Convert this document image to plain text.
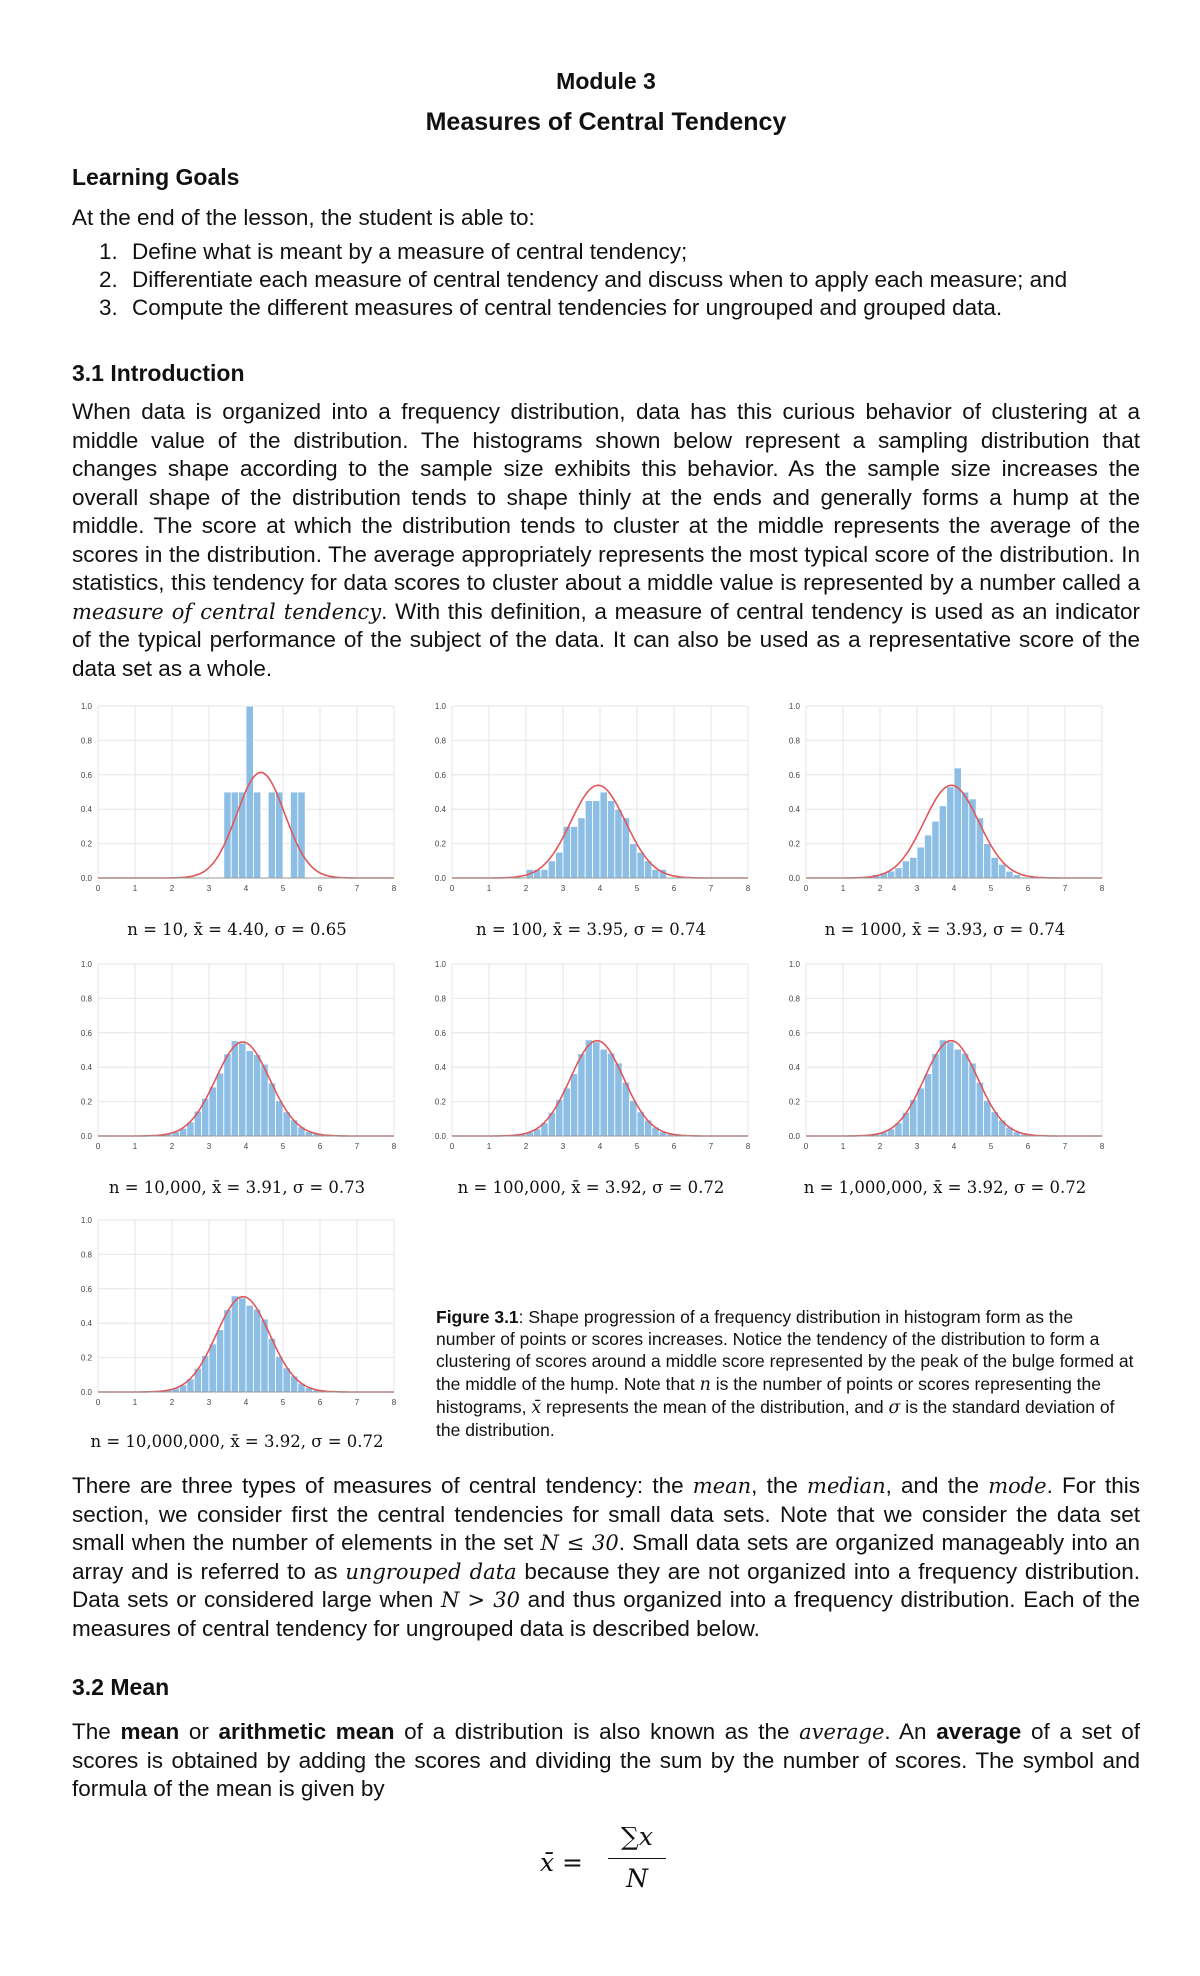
Module 3
Measures of Central Tendency
Learning Goals
At the end of the lesson, the student is able to:
1. Define what is meant by a measure of central tendency;
2. Differentiate each measure of central tendency and discuss when to apply each measure; and
3. Compute the different measures of central tendencies for ungrouped and grouped data.
3.1 Introduction
When data is organized into a frequency distribution, data has this curious behavior of clustering at a middle value of the distribution. The histograms shown below represent a sampling distribution that changes shape according to the sample size exhibits this behavior. As the sample size increases the overall shape of the distribution tends to shape thinly at the ends and generally forms a hump at the middle. The score at which the distribution tends to cluster at the middle represents the average of the scores in the distribution. The average appropriately represents the most typical score of the distribution. In statistics, this tendency for data scores to cluster about a middle value is represented by a number called a measure of central tendency. With this definition, a measure of central tendency is used as an indicator of the typical performance of the subject of the data. It can also be used as a representative score of the data set as a whole.
0.0
0.2
0.4
0.6
0.8
1.0
0	1	2	3	4	5	6	7	8
0.0
0.2
0.4
0.6
0.8
1.0
0	1	2	3	4	5	6	7	8
0.0
0.2
0.4
0.6
0.8
1.0
0	1	2	3	4	5	6	7	8
0.0
0.2
0.4
0.6
0.8
1.0
0	1	2	3	4	5	6	7	8
0.0
0.2
0.4
0.6
0.8
1.0
0	1	2	3	4	5	6	7	8
0.0
0.2
0.4
0.6
0.8
1.0
0	1	2	3	4	5	6	7	8
0.0
0.2
0.4
0.6
0.8
1.0
0	1	2	3	4	5	6	7	8
n = 10, x̄ = 4.40, σ = 0.65	n = 100, x̄ = 3.95, σ = 0.74	n = 1000, x̄ = 3.93, σ = 0.74
n = 10,000, x̄ = 3.91, σ = 0.73	n = 100,000, x̄ = 3.92, σ = 0.72	n = 1,000,000, x̄ = 3.92, σ = 0.72
n = 10,000,000, x̄ = 3.92, σ = 0.72
Figure 3.1: Shape progression of a frequency distribution in histogram form as the number of points or scores increases. Notice the tendency of the distribution to form a clustering of scores around a middle score represented by the peak of the bulge formed at the middle of the hump. Note that n is the number of points or scores representing the histograms, x̄ represents the mean of the distribution, and σ is the standard deviation of the distribution.
There are three types of measures of central tendency: the mean, the median, and the mode. For this section, we consider first the central tendencies for small data sets. Note that we consider the data set small when the number of elements in the set N ≤ 30. Small data sets are organized manageably into an array and is referred to as ungrouped data because they are not organized into a frequency distribution. Data sets or considered large when N > 30 and thus organized into a frequency distribution. Each of the measures of central tendency for ungrouped data is described below.
3.2 Mean
The mean or arithmetic mean of a distribution is also known as the average. An average of a set of scores is obtained by adding the scores and dividing the sum by the number of scores. The symbol and formula of the mean is given by
x̄ =
∑x
N
